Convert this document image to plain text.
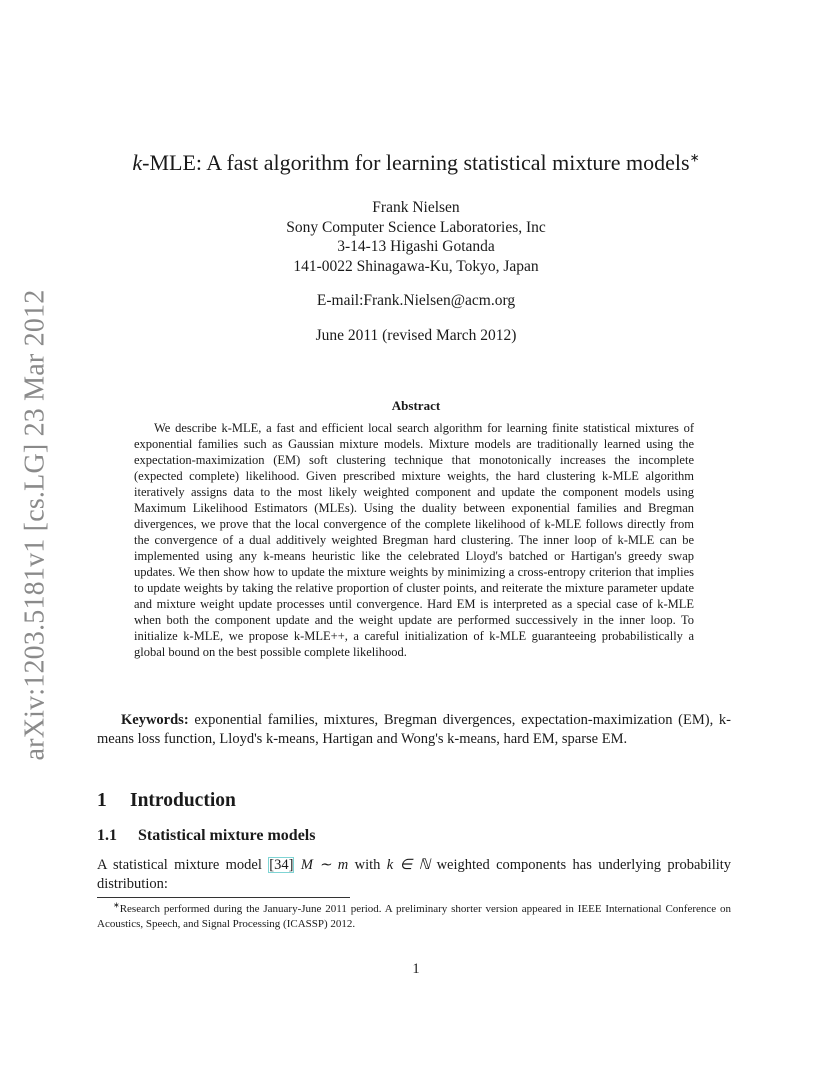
arXiv:1203.5181v1 [cs.LG] 23 Mar 2012
k-MLE: A fast algorithm for learning statistical mixture models∗
Frank Nielsen
Sony Computer Science Laboratories, Inc
3-14-13 Higashi Gotanda
141-0022 Shinagawa-Ku, Tokyo, Japan
E-mail:Frank.Nielsen@acm.org
June 2011 (revised March 2012)
Abstract

We describe k-MLE, a fast and efficient local search algorithm for learning finite statistical mixtures of exponential families such as Gaussian mixture models. Mixture models are traditionally learned using the expectation-maximization (EM) soft clustering technique that monotonically increases the incomplete (expected complete) likelihood. Given prescribed mixture weights, the hard clustering k-MLE algorithm iteratively assigns data to the most likely weighted component and update the component models using Maximum Likelihood Estimators (MLEs). Using the duality between exponential families and Bregman divergences, we prove that the local convergence of the complete likelihood of k-MLE follows directly from the convergence of a dual additively weighted Bregman hard clustering. The inner loop of k-MLE can be implemented using any k-means heuristic like the celebrated Lloyd's batched or Hartigan's greedy swap updates. We then show how to update the mixture weights by minimizing a cross-entropy criterion that implies to update weights by taking the relative proportion of cluster points, and reiterate the mixture parameter update and mixture weight update processes until convergence. Hard EM is interpreted as a special case of k-MLE when both the component update and the weight update are performed successively in the inner loop. To initialize k-MLE, we propose k-MLE++, a careful initialization of k-MLE guaranteeing probabilistically a global bound on the best possible complete likelihood.

Keywords: exponential families, mixtures, Bregman divergences, expectation-maximization (EM), k-means loss function, Lloyd's k-means, Hartigan and Wong's k-means, hard EM, sparse EM.

1 Introduction
1.1 Statistical mixture models

A statistical mixture model [34] M ∼ m with k ∈ ℕ weighted components has underlying probability distribution:

∗Research performed during the January-June 2011 period. A preliminary shorter version appeared in IEEE International Conference on Acoustics, Speech, and Signal Processing (ICASSP) 2012.

1
